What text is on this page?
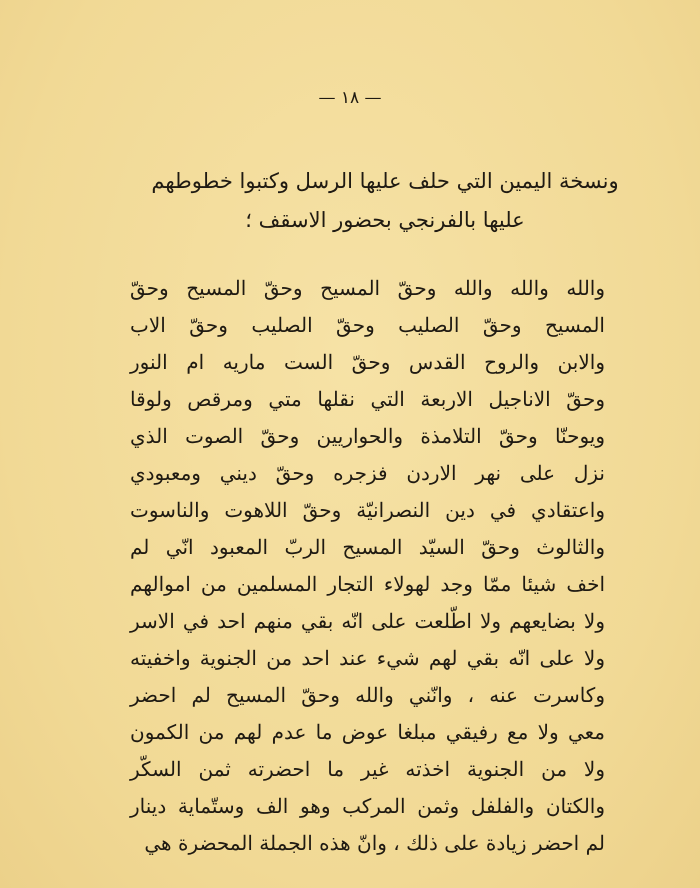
— ١٨ —
ونسخة اليمين التي حلف عليها الرسل وكتبوا خطوطهم
عليها بالفرنجي بحضور الاسقف ؛
والله والله والله وحقّ المسيح وحقّ المسيح وحقّ
المسيح وحقّ الصليب وحقّ الصليب وحقّ الاب
والابن والروح القدس وحقّ الست ماريه ام النور
وحقّ الاناجيل الاربعة التي نقلها متي ومرقص ولوقا
ويوحنّا وحقّ التلامذة والحواريين وحقّ الصوت الذي
نزل على نهر الاردن فزجره وحقّ ديني ومعبودي
واعتقادي في دين النصرانيّة وحقّ اللاهوت والناسوت
والثالوث وحقّ السيّد المسيح الربّ المعبود انّي لم
اخف شيئا ممّا وجد لهولاء التجار المسلمين من اموالهم
ولا بضايعهم ولا اطّلعت على انّه بقي منهم احد في الاسر
ولا على انّه بقي لهم شيء عند احد من الجنوية واخفيته
وكاسرت عنه ، وانّني والله وحقّ المسيح لم احضر
معي ولا مع رفيقي مبلغا عوض ما عدم لهم من الكمون
ولا من الجنوية اخذته غير ما احضرته ثمن السكّر
والكتان والفلفل وثمن المركب وهو الف وستّماية دينار
لم احضر زيادة على ذلك ، وانّ هذه الجملة المحضرة هي
